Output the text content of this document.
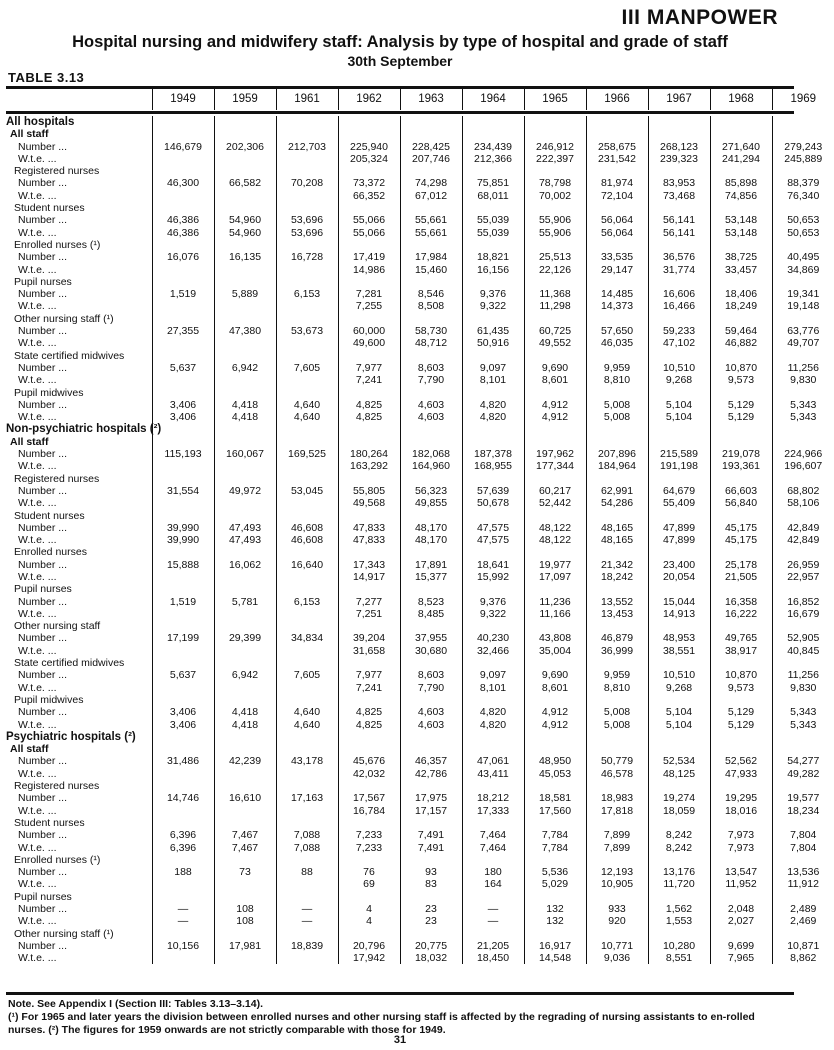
III MANPOWER
Hospital nursing and midwifery staff: Analysis by type of hospital and grade of staff
30th September
TABLE 3.13
	1949	1959	1961	1962	1963	1964	1965	1966	1967	1968	1969
All hospitals											
All staff											
Number ...	146,679	202,306	212,703	225,940	228,425	234,439	246,912	258,675	268,123	271,640	279,243
W.t.e. ...				205,324	207,746	212,366	222,397	231,542	239,323	241,294	245,889
Registered nurses											
Number ...	46,300	66,582	70,208	73,372	74,298	75,851	78,798	81,974	83,953	85,898	88,379
W.t.e. ...				66,352	67,012	68,011	70,002	72,104	73,468	74,856	76,340
Student nurses											
Number ...	46,386	54,960	53,696	55,066	55,661	55,039	55,906	56,064	56,141	53,148	50,653
W.t.e. ...	46,386	54,960	53,696	55,066	55,661	55,039	55,906	56,064	56,141	53,148	50,653
Enrolled nurses (¹)											
Number ...	16,076	16,135	16,728	17,419	17,984	18,821	25,513	33,535	36,576	38,725	40,495
W.t.e. ...				14,986	15,460	16,156	22,126	29,147	31,774	33,457	34,869
Pupil nurses											
Number ...	1,519	5,889	6,153	7,281	8,546	9,376	11,368	14,485	16,606	18,406	19,341
W.t.e. ...				7,255	8,508	9,322	11,298	14,373	16,466	18,249	19,148
Other nursing staff (¹)											
Number ...	27,355	47,380	53,673	60,000	58,730	61,435	60,725	57,650	59,233	59,464	63,776
W.t.e. ...				49,600	48,712	50,916	49,552	46,035	47,102	46,882	49,707
State certified midwives											
Number ...	5,637	6,942	7,605	7,977	8,603	9,097	9,690	9,959	10,510	10,870	11,256
W.t.e. ...				7,241	7,790	8,101	8,601	8,810	9,268	9,573	9,830
Pupil midwives											
Number ...	3,406	4,418	4,640	4,825	4,603	4,820	4,912	5,008	5,104	5,129	5,343
W.t.e. ...	3,406	4,418	4,640	4,825	4,603	4,820	4,912	5,008	5,104	5,129	5,343
Non-psychiatric hospitals (²)											
All staff											
Number ...	115,193	160,067	169,525	180,264	182,068	187,378	197,962	207,896	215,589	219,078	224,966
W.t.e. ...				163,292	164,960	168,955	177,344	184,964	191,198	193,361	196,607
Registered nurses											
Number ...	31,554	49,972	53,045	55,805	56,323	57,639	60,217	62,991	64,679	66,603	68,802
W.t.e. ...				49,568	49,855	50,678	52,442	54,286	55,409	56,840	58,106
Student nurses											
Number ...	39,990	47,493	46,608	47,833	48,170	47,575	48,122	48,165	47,899	45,175	42,849
W.t.e. ...	39,990	47,493	46,608	47,833	48,170	47,575	48,122	48,165	47,899	45,175	42,849
Enrolled nurses											
Number ...	15,888	16,062	16,640	17,343	17,891	18,641	19,977	21,342	23,400	25,178	26,959
W.t.e. ...				14,917	15,377	15,992	17,097	18,242	20,054	21,505	22,957
Pupil nurses											
Number ...	1,519	5,781	6,153	7,277	8,523	9,376	11,236	13,552	15,044	16,358	16,852
W.t.e. ...				7,251	8,485	9,322	11,166	13,453	14,913	16,222	16,679
Other nursing staff											
Number ...	17,199	29,399	34,834	39,204	37,955	40,230	43,808	46,879	48,953	49,765	52,905
W.t.e. ...				31,658	30,680	32,466	35,004	36,999	38,551	38,917	40,845
State certified midwives											
Number ...	5,637	6,942	7,605	7,977	8,603	9,097	9,690	9,959	10,510	10,870	11,256
W.t.e. ...				7,241	7,790	8,101	8,601	8,810	9,268	9,573	9,830
Pupil midwives											
Number ...	3,406	4,418	4,640	4,825	4,603	4,820	4,912	5,008	5,104	5,129	5,343
W.t.e. ...	3,406	4,418	4,640	4,825	4,603	4,820	4,912	5,008	5,104	5,129	5,343
Psychiatric hospitals (²)											
All staff											
Number ...	31,486	42,239	43,178	45,676	46,357	47,061	48,950	50,779	52,534	52,562	54,277
W.t.e. ...				42,032	42,786	43,411	45,053	46,578	48,125	47,933	49,282
Registered nurses											
Number ...	14,746	16,610	17,163	17,567	17,975	18,212	18,581	18,983	19,274	19,295	19,577
W.t.e. ...				16,784	17,157	17,333	17,560	17,818	18,059	18,016	18,234
Student nurses											
Number ...	6,396	7,467	7,088	7,233	7,491	7,464	7,784	7,899	8,242	7,973	7,804
W.t.e. ...	6,396	7,467	7,088	7,233	7,491	7,464	7,784	7,899	8,242	7,973	7,804
Enrolled nurses (¹)											
Number ...	188	73	88	76	93	180	5,536	12,193	13,176	13,547	13,536
W.t.e. ...				69	83	164	5,029	10,905	11,720	11,952	11,912
Pupil nurses											
Number ...	—	108	—	4	23	—	132	933	1,562	2,048	2,489
W.t.e. ...	—	108	—	4	23	—	132	920	1,553	2,027	2,469
Other nursing staff (¹)											
Number ...	10,156	17,981	18,839	20,796	20,775	21,205	16,917	10,771	10,280	9,699	10,871
W.t.e. ...				17,942	18,032	18,450	14,548	9,036	8,551	7,965	8,862
Note. See Appendix I (Section III: Tables 3.13–3.14).
(¹) For 1965 and later years the division between enrolled nurses and other nursing staff is affected by the regrading of nursing assistants to en-rolled nurses. (²) The figures for 1959 onwards are not strictly comparable with those for 1949.
31
